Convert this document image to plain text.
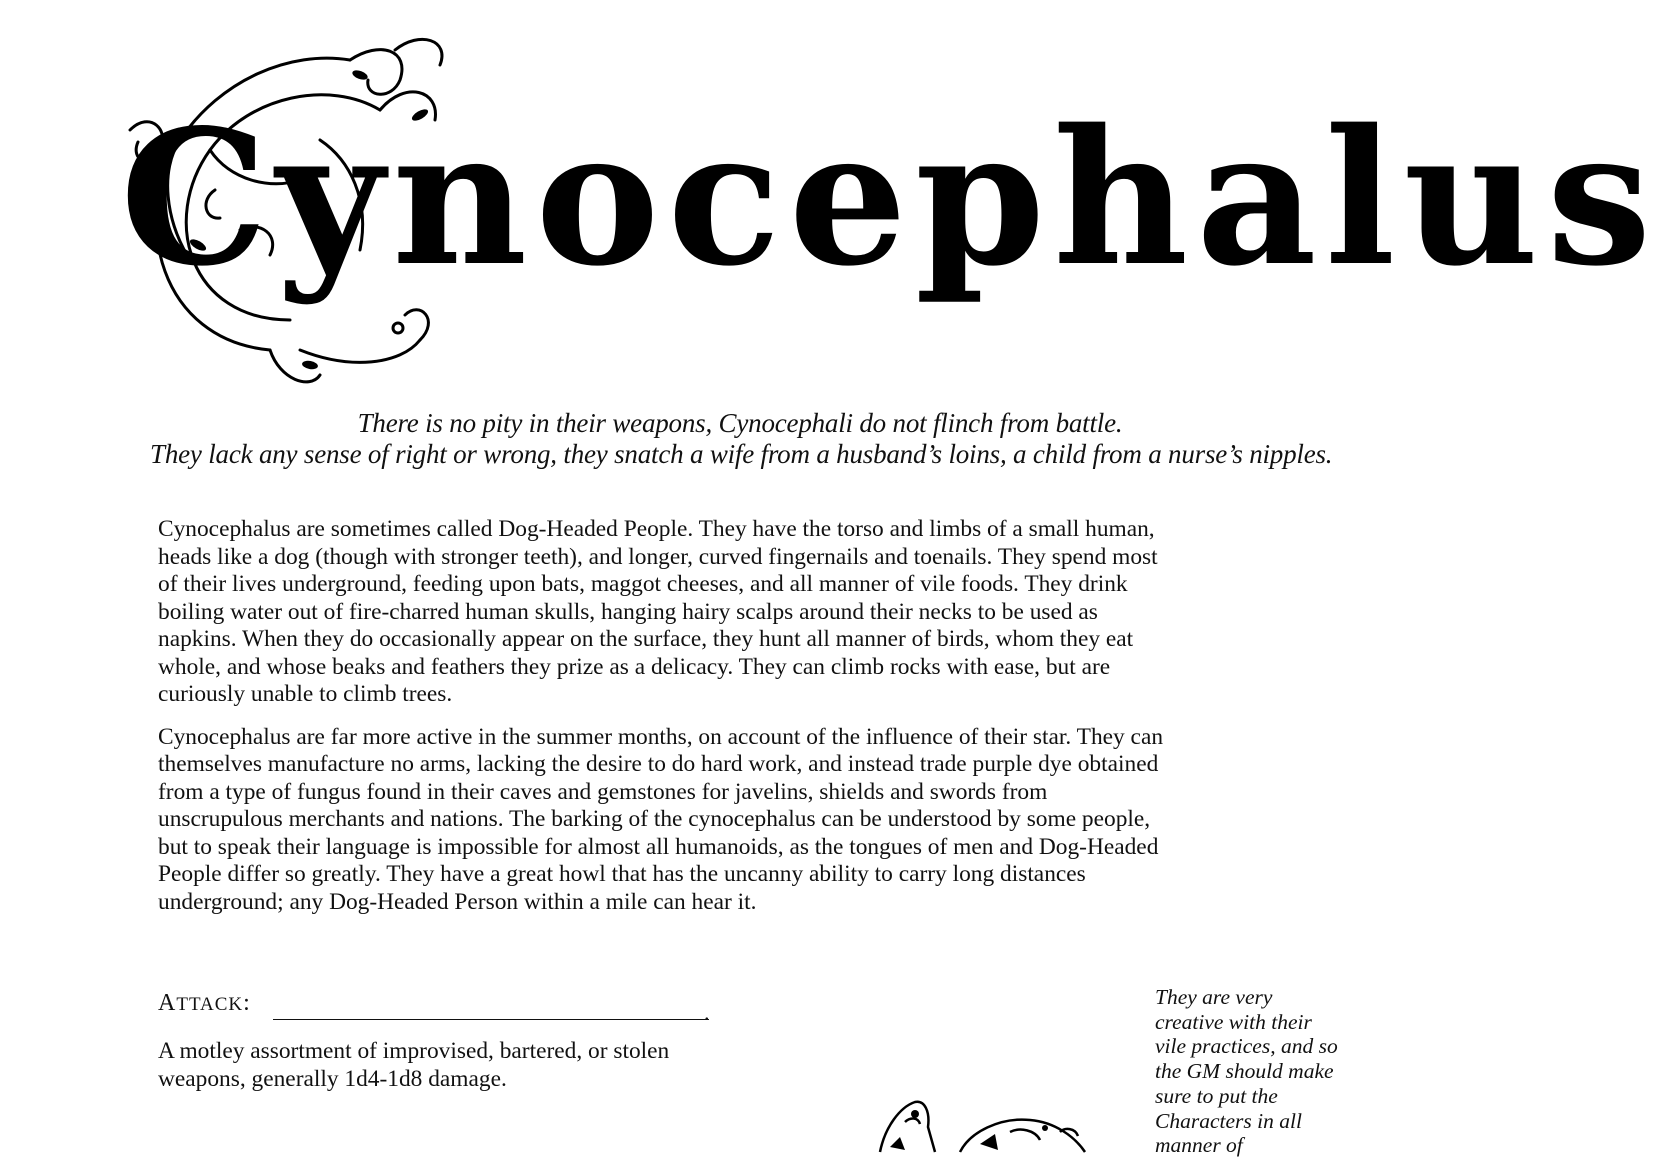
Cynocephalus
There is no pity in their weapons, Cynocephali do not flinch from battle.
They lack any sense of right or wrong, they snatch a wife from a husband’s loins, a child from a nurse’s nipples.

Cynocephalus are sometimes called Dog-Headed People. They have the torso and limbs of a small human, heads like a dog (though with stronger teeth), and longer, curved fingernails and toenails. They spend most of their lives underground, feeding upon bats, maggot cheeses, and all manner of vile foods. They drink boiling water out of fire-charred human skulls, hanging hairy scalps around their necks to be used as napkins. When they do occasionally appear on the surface, they hunt all manner of birds, whom they eat whole, and whose beaks and feathers they prize as a delicacy. They can climb rocks with ease, but are curiously unable to climb trees.

Cynocephalus are far more active in the summer months, on account of the influence of their star. They can themselves manufacture no arms, lacking the desire to do hard work, and instead trade purple dye obtained from a type of fungus found in their caves and gemstones for javelins, shields and swords from unscrupulous merchants and nations. The barking of the cynocephalus can be understood by some people, but to speak their language is impossible for almost all humanoids, as the tongues of men and Dog-Headed People differ so greatly. They have a great howl that has the uncanny ability to carry long distances underground; any Dog-Headed Person within a mile can hear it.

ATTACK:	.
A motley assortment of improvised, bartered, or stolen weapons, generally 1d4-1d8 damage.
They are very creative with their vile practices, and so the GM should make sure to put the Characters in all manner of
